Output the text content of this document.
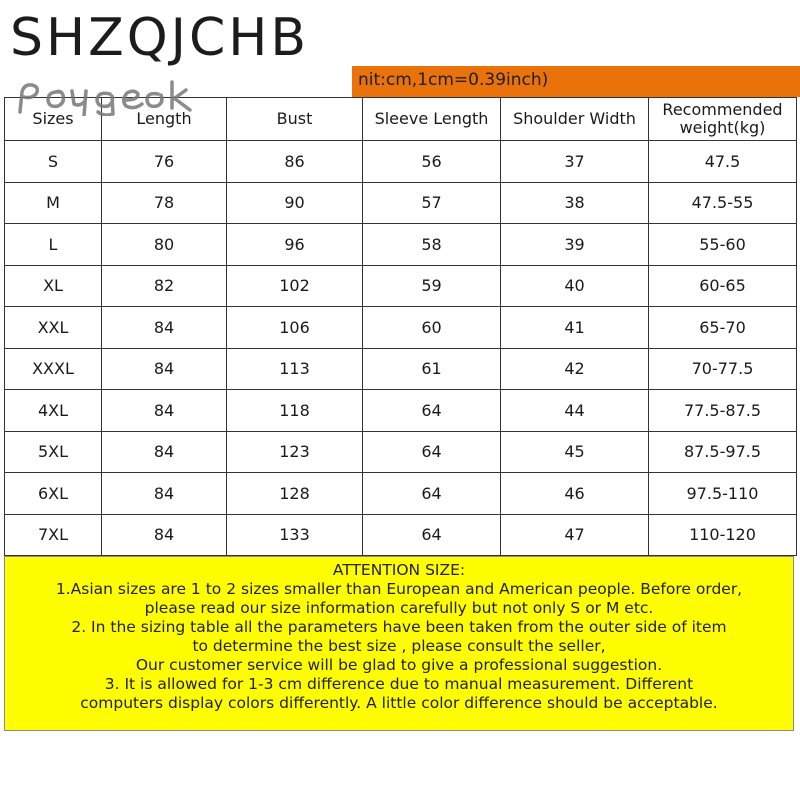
SHZQJCHB
nit:cm,1cm=0.39inch)
Sizes	Length	Bust	Sleeve Length	Shoulder Width	Recommended weight(kg)
S	76	86	56	37	47.5
M	78	90	57	38	47.5-55
L	80	96	58	39	55-60
XL	82	102	59	40	60-65
XXL	84	106	60	41	65-70
XXXL	84	113	61	42	70-77.5
4XL	84	118	64	44	77.5-87.5
5XL	84	123	64	45	87.5-97.5
6XL	84	128	64	46	97.5-110
7XL	84	133	64	47	110-120
ATTENTION SIZE:
1.Asian sizes are 1 to 2 sizes smaller than European and American people. Before order,
please read our size information carefully but not only S or M etc.
2. In the sizing table all the parameters have been taken from the outer side of item
to determine the best size , please consult the seller,
Our customer service will be glad to give a professional suggestion.
3. It is allowed for 1-3 cm difference due to manual measurement. Different
computers display colors differently. A little color difference should be acceptable.
